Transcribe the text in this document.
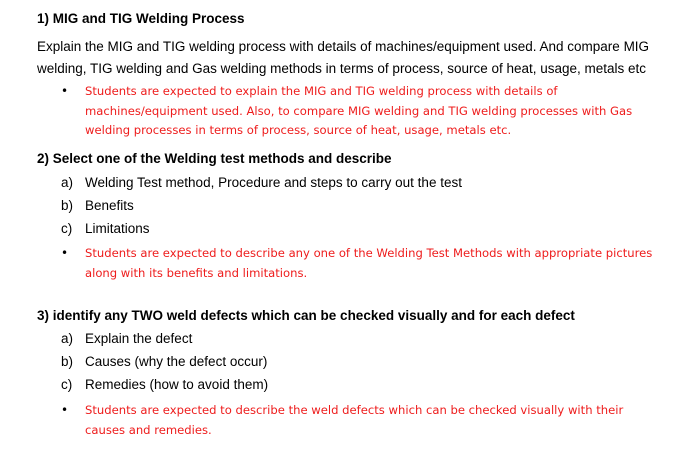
1) MIG and TIG Welding Process
Explain the MIG and TIG welding process with details of machines/equipment used. And compare MIG welding, TIG welding and Gas welding methods in terms of process, source of heat, usage, metals etc
•	Students are expected to explain the MIG and TIG welding process with details of machines/equipment used. Also, to compare MIG welding and TIG welding processes with Gas welding processes in terms of process, source of heat, usage, metals etc.
2) Select one of the Welding test methods and describe
a) Welding Test method, Procedure and steps to carry out the test
b) Benefits
c) Limitations
•	Students are expected to describe any one of the Welding Test Methods with appropriate pictures along with its benefits and limitations.
3) identify any TWO weld defects which can be checked visually and for each defect
a) Explain the defect
b) Causes (why the defect occur)
c) Remedies (how to avoid them)
•	Students are expected to describe the weld defects which can be checked visually with their causes and remedies.
